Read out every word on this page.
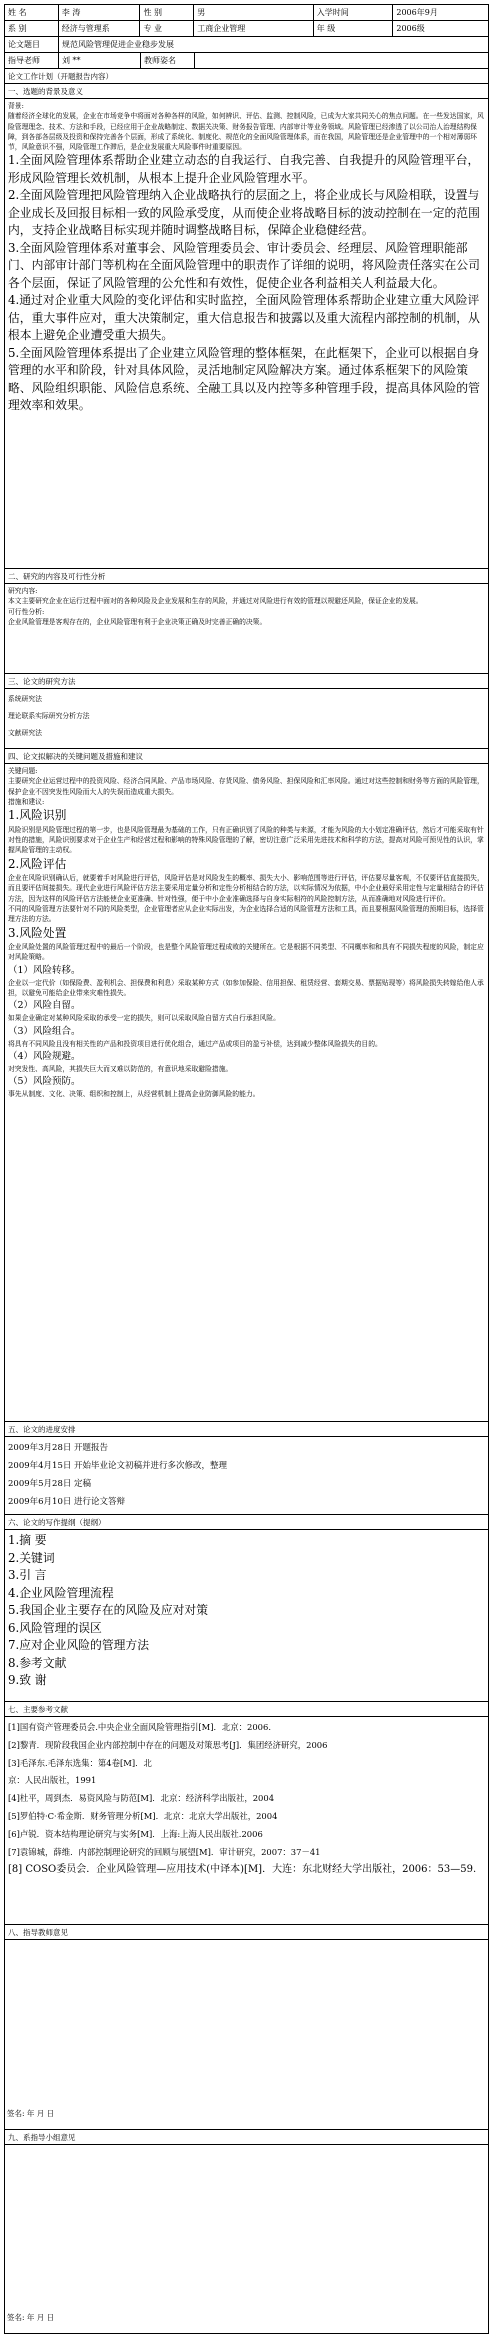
姓 名	李 涛	性 别	男	入学时间	2006年9月
系 别	经济与管理系	专 业	工商企业管理	年 级	2006级
论文题目	规范风险管理促进企业稳步发展
指导老师	刘 **	教师姿名
论文工作计划（开题报告内容）
一、选题的背景及意义

背景:

随着经济全球化的发展，企业在市场竞争中将面对各种各样的风险，如何辨识、评估、监测、控制风险，已成为大家共同关心的焦点问题。在一些发达国家，风险管理理念、技术、方法和手段，已经应用于企业战略制定、数据关决策、财务报告管理、内部审计等业务领域。风险管理已经渗透了以公司治人治理结构保障，到各部各层级及投资和保持完善各个层面，形成了系统化、制度化、规范化的全面风险管理体系，而在我国，风险管理还是企业管理中的一个相对薄弱环节，风险意识不强，风险管理工作滞后，是企业发展重大风险事件时重要原因。

1.全面风险管理体系帮助企业建立动态的自我运行、自我完善、自我提升的风险管理平台，形成风险管理长效机制，从根本上提升企业风险管理水平。

2.全面风险管理把风险管理纳入企业战略执行的层面之上，将企业成长与风险相联，设置与企业成长及回报目标相一致的风险承受度，从而使企业将战略目标的波动控制在一定的范围内，支持企业战略目标实现并随时调整战略目标，保障企业稳健经营。

3.全面风险管理体系对董事会、风险管理委员会、审计委员会、经理层、风险管理职能部门、内部审计部门等机构在全面风险管理中的职责作了详细的说明，将风险责任落实在公司各个层面，保证了风险管理的公允性和有效性，促使企业各利益相关人利益最大化。

4.通过对企业重大风险的变化评估和实时监控，全面风险管理体系帮助企业建立重大风险评估，重大事件应对，重大决策制定，重大信息报告和披露以及重大流程内部控制的机制，从根本上避免企业遭受重大损失。

5.全面风险管理体系提出了企业建立风险管理的整体框架，在此框架下，企业可以根据自身管理的水平和阶段，针对具体风险，灵活地制定风险解决方案。通过体系框架下的风险策略、风险组织职能、风险信息系统、全融工具以及内控等多种管理手段，提高具体风险的管理效率和效果。

二、研究的内容及可行性分析

研究内容:

本文主要研究企业在运行过程中面对的各种风险及企业发展和生存的风险，并通过对风险进行有效的管理以规避还风险，保证企业的发展。

可行性分析:

企业风险管理是客观存在的，企业风险管理有利于企业决策正确及时完善正确的决策。

三、论文的研究方法

系统研究法

理论联系实际研究分析方法

文献研究法

四、论文拟解决的关键问题及措施和建议

关键问题:

主要研究企业运营过程中的投资风险、经济合同风险、产品市场风险、存货风险、债务风险、担保风险和汇率风险。通过对这些控制和财务等方面的风险管理，保护企业不因突发性风险而大人的失误而造成重大损失。

措施和建议:

1.风险识别

风险识别是风险管理过程的第一步，也是风险管理最为基础的工作，只有正确识别了风险的种类与来源，才能为风险的大小划定准确评估，然后才可能采取有针对性的措施，风险识别要求对于企业生产和经营过程和影响的特殊风险管理的了解，密切注意广泛采用先进技术和科学的方法，提高对风险可预见性的认识，掌握风险管理的主动权。

2.风险评估

企业在风险识别确认后，就要着手对风险进行评估，风险评估是对风险发生的概率、损失大小、影响范围等进行评估，评估要尽量客观，不仅要评估直接损失，而且要评估间接损失。现代企业进行风险评估方法主要采用定量分析和定性分析相结合的方法，以实际情况为依据，中小企业最好采用定性与定量相结合的评估方法，因为这样的风险评估方法能使企业更准确、针对性强，便于中小企业准确选择与自身实际相符的风险控制方法，从而准确地对风险进行评价。

不同的风险管理方法要针对不同的风险类型，企业管理者应从企业实际出发，为企业选择合适的风险管理方法和工具，而且要根据风险管理的预期目标，选择管理方法的方法。

3.风险处置

企业风险处置的风险管理过程中的最后一个阶段，也是整个风险管理过程成败的关键所在。它是根据不同类型、不同概率和和具有不同损失程度的风险，制定应对风险策略。

（1）风险转移。

企业以一定代价（如保险费、盈利机会、担保费和利息）采取某种方式（如参加保险、信用担保、租赁经营、套期交易、票据贴现等）将风险损失转嫁给他人承担，以避免可能给企业带来灾难性损失。

（2）风险自留。

如果企业确定对某种风险采取的承受一定的损失，则可以采取风险自留方式自行承担风险。

（3）风险组合。

将具有不同风险且没有相关性的产品和投资项目进行优化组合，通过产品或项目的盈亏补偿，达到减少整体风险损失的目的。

（4）风险规避。

对突发性、高风险，其损失巨大而又难以防范的，有意识地采取避险措施。

（5）风险预防。

事先从制度、文化、决策、组织和控制上，从经营机制上提高企业防御风险的能力。

五、论文的进度安排

2009年3月28日 开题报告

2009年4月15日 开始毕业论文初稿并进行多次修改，整理

2009年5月28日 定稿

2009年6月10日 进行论文答辩

六、论文的写作提纲（提纲）

1.摘 要

2.关键词

3.引 言

4.企业风险管理流程

5.我国企业主要存在的风险及应对对策

6.风险管理的误区

7.应对企业风险的管理方法

8.参考文献

9.致 谢

七、主要参考文献

[1]国有资产管理委员会.中央企业全面风险管理指引[M]．北京：2006.

[2]黎青．现阶段我国企业内部控制中存在的问题及对策思考[J]．集团经济研究，2006

[3]毛泽东.毛泽东选集：第4卷[M]．北

京：人民出版社，1991

[4]杜平，周到杰．易资风险与防范[M]．北京：经济科学出版社，2004

[5]罗伯特·C·希金斯．财务管理分析[M]．北京：北京大学出版社，2004

[6]卢锐．资本结构理论研究与实务[M]．上海:上海人民出版社.2006

[7]袁锦城，薛维．内部控制理论研究的回顾与展望[M]．审计研究，2007：37－41

[8] COSO委员会．企业风险管理—应用技术(中译本)[M]．大连：东北财经大学出版社，2006：53—59.

八、指导教师意见
签名: 年 月 日
九、系指导小组意见
签名: 年 月 日
